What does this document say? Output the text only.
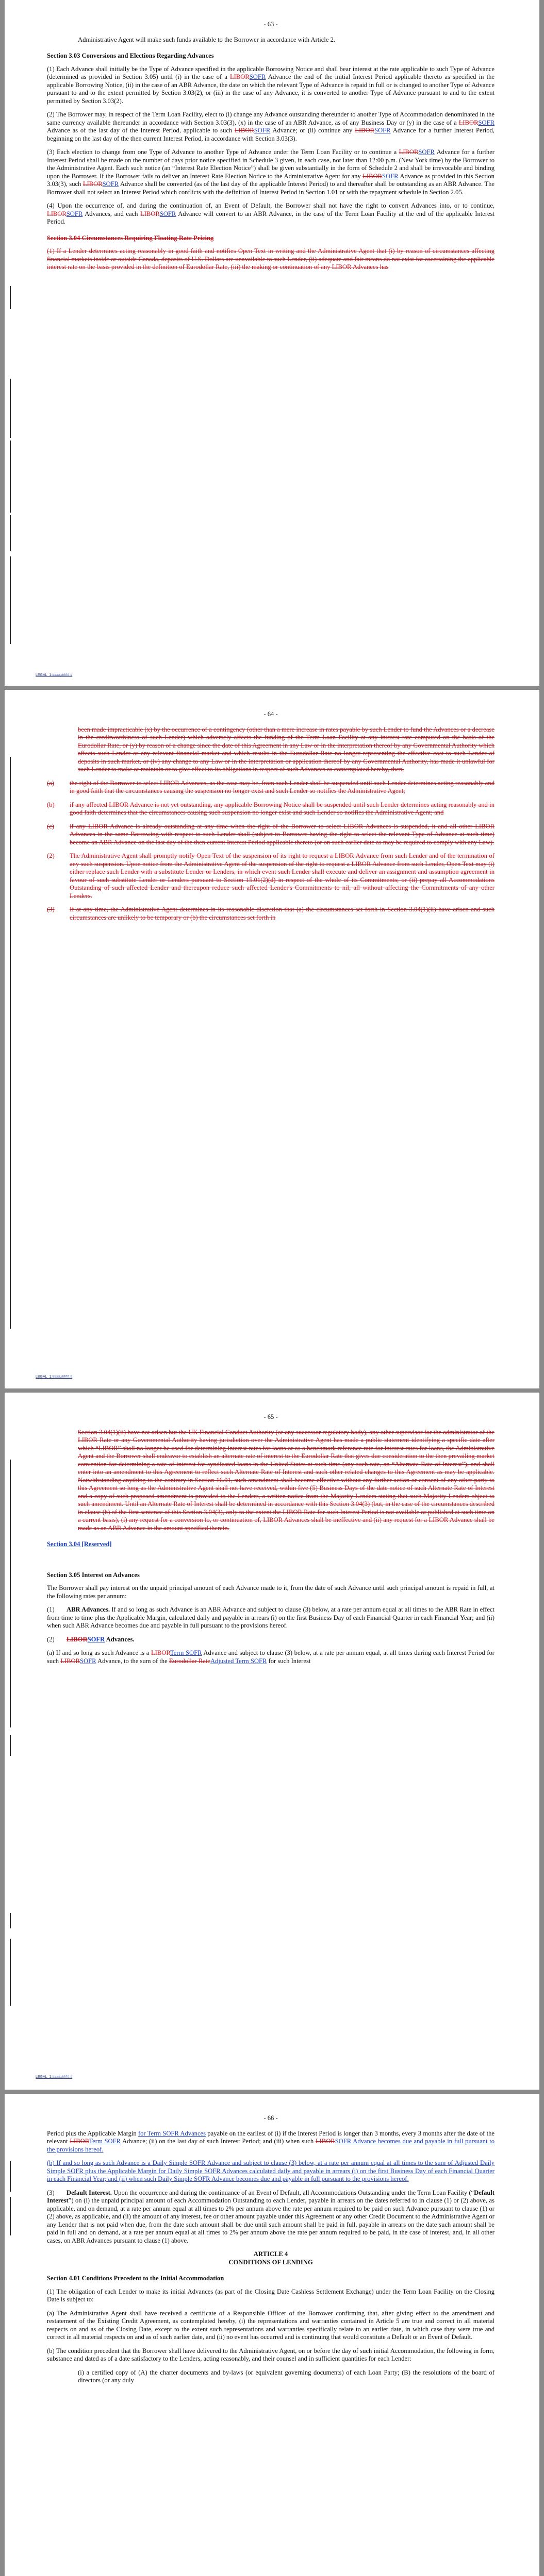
- 63 -

Administrative Agent will make such funds available to the Borrower in accordance with Article 2.

Section 3.03 Conversions and Elections Regarding Advances

(1) Each Advance shall initially be the Type of Advance specified in the applicable Borrowing Notice and shall bear interest at the rate applicable to such Type of Advance (determined as provided in Section 3.05) until (i) in the case of a LIBORSOFR Advance the end of the initial Interest Period applicable thereto as specified in the applicable Borrowing Notice, (ii) in the case of an ABR Advance, the date on which the relevant Type of Advance is repaid in full or is changed to another Type of Advance pursuant to and to the extent permitted by Section 3.03(2), or (iii) in the case of any Advance, it is converted to another Type of Advance pursuant to and to the extent permitted by Section 3.03(2).

(2) The Borrower may, in respect of the Term Loan Facility, elect to (i) change any Advance outstanding thereunder to another Type of Accommodation denominated in the same currency available thereunder in accordance with Section 3.03(3), (x) in the case of an ABR Advance, as of any Business Day or (y) in the case of a LIBORSOFR Advance as of the last day of the Interest Period, applicable to such LIBORSOFR Advance; or (ii) continue any LIBORSOFR Advance for a further Interest Period, beginning on the last day of the then current Interest Period, in accordance with Section 3.03(3).

(3) Each election to change from one Type of Advance to another Type of Advance under the Term Loan Facility or to continue a LIBORSOFR Advance for a further Interest Period shall be made on the number of days prior notice specified in Schedule 3 given, in each case, not later than 12:00 p.m. (New York time) by the Borrower to the Administrative Agent. Each such notice (an “Interest Rate Election Notice”) shall be given substantially in the form of Schedule 2 and shall be irrevocable and binding upon the Borrower. If the Borrower fails to deliver an Interest Rate Election Notice to the Administrative Agent for any LIBORSOFR Advance as provided in this Section 3.03(3), such LIBORSOFR Advance shall be converted (as of the last day of the applicable Interest Period) to and thereafter shall be outstanding as an ABR Advance. The Borrower shall not select an Interest Period which conflicts with the definition of Interest Period in Section 1.01 or with the repayment schedule in Section 2.05.

(4) Upon the occurrence of, and during the continuation of, an Event of Default, the Borrower shall not have the right to convert Advances into, or to continue, LIBORSOFR Advances, and each LIBORSOFR Advance will convert to an ABR Advance, in the case of the Term Loan Facility at the end of the applicable Interest Period.

Section 3.04 Circumstances Requiring Floating Rate Pricing

(1) If a Lender determines acting reasonably in good faith and notifies Open Text in writing and the Administrative Agent that (i) by reason of circumstances affecting financial markets inside or outside Canada, deposits of U.S. Dollars are unavailable to such Lender, (ii) adequate and fair means do not exist for ascertaining the applicable interest rate on the basis provided in the definition of Eurodollar Rate, (iii) the making or continuation of any LIBOR Advances has

LEGAL_1:####,####.#
- 64 -

been made impracticable (x) by the occurrence of a contingency (other than a mere increase in rates payable by such Lender to fund the Advances or a decrease in the creditworthiness of such Lender) which adversely affects the funding of the Term Loan Facility at any interest rate computed on the basis of the Eurodollar Rate, or (y) by reason of a change since the date of this Agreement in any Law or in the interpretation thereof by any Governmental Authority which affects such Lender or any relevant financial market and which results in the Eurodollar Rate no longer representing the effective cost to such Lender of deposits in such market, or (iv) any change to any Law or in the interpretation or application thereof by any Governmental Authority, has made it unlawful for such Lender to make or maintain or to give effect to its obligations in respect of such Advances as contemplated hereby, then,

(a)	the right of the Borrower to select LIBOR Advances, as the case may be, from such Lender shall be suspended until such Lender determines acting reasonably and in good faith that the circumstances causing the suspension no longer exist and such Lender so notifies the Administrative Agent;
(b)	if any affected LIBOR Advance is not yet outstanding, any applicable Borrowing Notice shall be suspended until such Lender determines acting reasonably and in good faith determines that the circumstances causing such suspension no longer exist and such Lender so notifies the Administrative Agent; and
(c)	if any LIBOR Advance is already outstanding at any time when the right of the Borrower to select LIBOR Advances is suspended, it and all other LIBOR Advances in the same Borrowing with respect to such Lender shall (subject to Borrower having the right to select the relevant Type of Advance at such time) become an ABR Advance on the last day of the then current Interest Period applicable thereto (or on such earlier date as may be required to comply with any Law).
(2)	The Administrative Agent shall promptly notify Open Text of the suspension of its right to request a LIBOR Advance from such Lender and of the termination of any such suspension. Upon notice from the Administrative Agent of the suspension of the right to request a LIBOR Advance from such Lender, Open Text may (i) either replace such Lender with a substitute Lender or Lenders, in which event such Lender shall execute and deliver an assignment and assumption agreement in favour of such substitute Lender or Lenders pursuant to Section 15.01(2)(d) in respect of the whole of its Commitments; or (ii) prepay all Accommodations Outstanding of such affected Lender and thereupon reduce such affected Lender's Commitments to nil, all without affecting the Commitments of any other Lenders.
(3)	If at any time, the Administrative Agent determines in its reasonable discretion that (a) the circumstances set forth in Section 3.04(1)(ii) have arisen and such circumstances are unlikely to be temporary or (b) the circumstances set forth in
LEGAL_1:####,####.#
- 65 -

Section 3.04(1)(ii) have not arisen but the UK Financial Conduct Authority (or any successor regulatory body), any other supervisor for the administrator of the LIBOR Rate or any Governmental Authority having jurisdiction over the Administrative Agent has made a public statement identifying a specific date after which “LIBOR” shall no longer be used for determining interest rates for loans or as a benchmark reference rate for interest rates for loans, the Administrative Agent and the Borrower shall endeavor to establish an alternate rate of interest to the Eurodollar Rate that gives due consideration to the then prevailing market convention for determining a rate of interest for syndicated loans in the United States at such time (any such rate, an “Alternate Rate of Interest”), and shall enter into an amendment to this Agreement to reflect such Alternate Rate of Interest and such other related changes to this Agreement as may be applicable. Notwithstanding anything to the contrary in Section 16.01, such amendment shall become effective without any further action or consent of any other party to this Agreement so long as the Administrative Agent shall not have received, within five (5) Business Days of the date notice of such Alternate Rate of Interest and a copy of such proposed amendment is provided to the Lenders, a written notice from the Majority Lenders stating that such Majority Lenders object to such amendment. Until an Alternate Rate of Interest shall be determined in accordance with this Section 3.04(3) (but, in the case of the circumstances described in clause (b) of the first sentence of this Section 3.04(3), only to the extent the LIBOR Rate for such Interest Period is not available or published at such time on a current basis), (i) any request for a conversion to, or continuation of, LIBOR Advances shall be ineffective and (ii) any request for a LIBOR Advance shall be made as an ABR Advance in the amount specified therein.

Section 3.04 [Reserved]
Section 3.05 Interest on Advances

The Borrower shall pay interest on the unpaid principal amount of each Advance made to it, from the date of such Advance until such principal amount is repaid in full, at the following rates per annum:

(1) ABR Advances. If and so long as such Advance is an ABR Advance and subject to clause (3) below, at a rate per annum equal at all times to the ABR Rate in effect from time to time plus the Applicable Margin, calculated daily and payable in arrears (i) on the first Business Day of each Financial Quarter in each Financial Year; and (ii) when such ABR Advance becomes due and payable in full pursuant to the provisions hereof.

(2) LIBORSOFR Advances.

(a) If and so long as such Advance is a LIBORTerm SOFR Advance and subject to clause (3) below, at a rate per annum equal, at all times during each Interest Period for such LIBORSOFR Advance, to the sum of the Eurodollar RateAdjusted Term SOFR for such Interest

LEGAL_1:####,####.#
- 66 -

Period plus the Applicable Margin for Term SOFR Advances payable on the earliest of (i) if the Interest Period is longer than 3 months, every 3 months after the date of the relevant LIBORTerm SOFR Advance; (ii) on the last day of such Interest Period; and (iii) when such LIBORSOFR Advance becomes due and payable in full pursuant to the provisions hereof.

(b) If and so long as such Advance is a Daily Simple SOFR Advance and subject to clause (3) below, at a rate per annum equal at all times to the sum of Adjusted Daily Simple SOFR plus the Applicable Margin for Daily Simple SOFR Advances calculated daily and payable in arrears (i) on the first Business Day of each Financial Quarter in each Financial Year; and (ii) when such Daily Simple SOFR Advance becomes due and payable in full pursuant to the provisions hereof.

(3) Default Interest. Upon the occurrence and during the continuance of an Event of Default, all Accommodations Outstanding under the Term Loan Facility (“Default Interest”) on (i) the unpaid principal amount of each Accommodation Outstanding to each Lender, payable in arrears on the dates referred to in clause (1) or (2) above, as applicable, and on demand, at a rate per annum equal at all times to 2% per annum above the rate per annum required to be paid on such Advance pursuant to clause (1) or (2) above, as applicable, and (ii) the amount of any interest, fee or other amount payable under this Agreement or any other Credit Document to the Administrative Agent or any Lender that is not paid when due, from the date such amount shall be due until such amount shall be paid in full, payable in arrears on the date such amount shall be paid in full and on demand, at a rate per annum equal at all times to 2% per annum above the rate per annum required to be paid, in the case of interest, and, in all other cases, on ABR Advances pursuant to clause (1) above.

ARTICLE 4

CONDITIONS OF LENDING

Section 4.01 Conditions Precedent to the Initial Accommodation

(1) The obligation of each Lender to make its initial Advances (as part of the Closing Date Cashless Settlement Exchange) under the Term Loan Facility on the Closing Date is subject to:

(a) The Administrative Agent shall have received a certificate of a Responsible Officer of the Borrower confirming that, after giving effect to the amendment and restatement of the Existing Credit Agreement, as contemplated hereby, (i) the representations and warranties contained in Article 5 are true and correct in all material respects on and as of the Closing Date, except to the extent such representations and warranties specifically relate to an earlier date, in which case they were true and correct in all material respects on and as of such earlier date, and (ii) no event has occurred and is continuing that would constitute a Default or an Event of Default.

(b) The condition precedent that the Borrower shall have delivered to the Administrative Agent, on or before the day of such initial Accommodation, the following in form, substance and dated as of a date satisfactory to the Lenders, acting reasonably, and their counsel and in sufficient quantities for each Lender:

(i) a certified copy of (A) the charter documents and by-laws (or equivalent governing documents) of each Loan Party; (B) the resolutions of the board of directors (or any duly
